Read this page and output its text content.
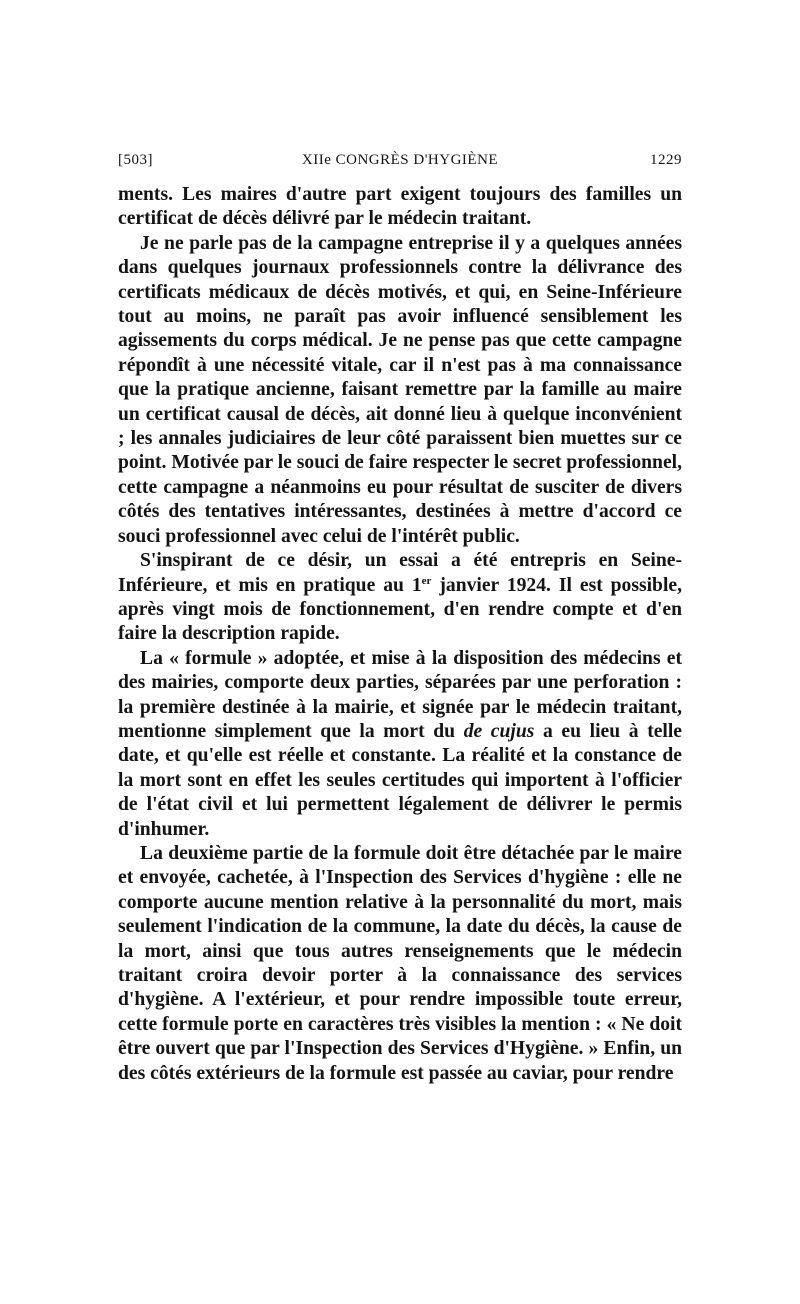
[503]	XIIe CONGRÈS D'HYGIÈNE	1229

ments. Les maires d'autre part exigent toujours des familles un certificat de décès délivré par le médecin traitant.

Je ne parle pas de la campagne entreprise il y a quelques années dans quelques journaux professionnels contre la délivrance des certificats médicaux de décès motivés, et qui, en Seine-Inférieure tout au moins, ne paraît pas avoir influencé sensiblement les agissements du corps médical. Je ne pense pas que cette campagne répondît à une nécessité vitale, car il n'est pas à ma connaissance que la pratique ancienne, faisant remettre par la famille au maire un certificat causal de décès, ait donné lieu à quelque inconvénient ; les annales judiciaires de leur côté paraissent bien muettes sur ce point. Motivée par le souci de faire respecter le secret professionnel, cette campagne a néanmoins eu pour résultat de susciter de divers côtés des tentatives intéressantes, destinées à mettre d'accord ce souci professionnel avec celui de l'intérêt public.

S'inspirant de ce désir, un essai a été entrepris en Seine-Inférieure, et mis en pratique au 1er janvier 1924. Il est possible, après vingt mois de fonctionnement, d'en rendre compte et d'en faire la description rapide.

La « formule » adoptée, et mise à la disposition des médecins et des mairies, comporte deux parties, séparées par une perforation : la première destinée à la mairie, et signée par le médecin traitant, mentionne simplement que la mort du de cujus a eu lieu à telle date, et qu'elle est réelle et constante. La réalité et la constance de la mort sont en effet les seules certitudes qui importent à l'officier de l'état civil et lui permettent légalement de délivrer le permis d'inhumer.

La deuxième partie de la formule doit être détachée par le maire et envoyée, cachetée, à l'Inspection des Services d'hygiène : elle ne comporte aucune mention relative à la personnalité du mort, mais seulement l'indication de la commune, la date du décès, la cause de la mort, ainsi que tous autres renseignements que le médecin traitant croira devoir porter à la connaissance des services d'hygiène. A l'extérieur, et pour rendre impossible toute erreur, cette formule porte en caractères très visibles la mention : « Ne doit être ouvert que par l'Inspection des Services d'Hygiène. » Enfin, un des côtés extérieurs de la formule est passée au caviar, pour rendre
